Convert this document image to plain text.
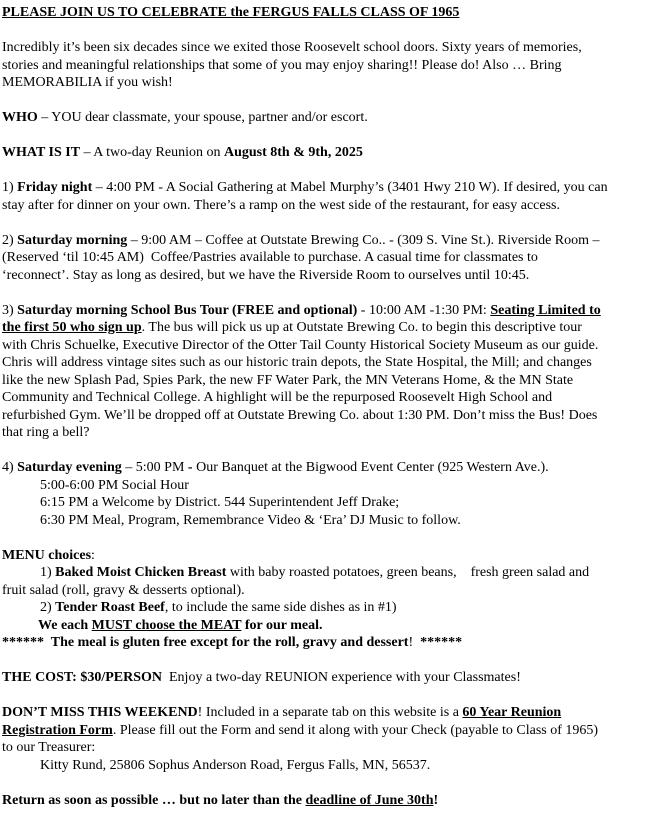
PLEASE JOIN US TO CELEBRATE the FERGUS FALLS CLASS OF 1965
Incredibly it’s been six decades since we exited those Roosevelt school doors. Sixty years of memories,
stories and meaningful relationships that some of you may enjoy sharing!! Please do! Also … Bring
MEMORABILIA if you wish!
WHO – YOU dear classmate, your spouse, partner and/or escort.
WHAT IS IT – A two-day Reunion on August 8th & 9th, 2025
1) Friday night – 4:00 PM - A Social Gathering at Mabel Murphy’s (3401 Hwy 210 W). If desired, you can
stay after for dinner on your own. There’s a ramp on the west side of the restaurant, for easy access.
2) Saturday morning – 9:00 AM – Coffee at Outstate Brewing Co.. - (309 S. Vine St.). Riverside Room –
(Reserved ‘til 10:45 AM)  Coffee/Pastries available to purchase. A casual time for classmates to
‘reconnect’. Stay as long as desired, but we have the Riverside Room to ourselves until 10:45.
3) Saturday morning School Bus Tour (FREE and optional) - 10:00 AM -1:30 PM: Seating Limited to
the first 50 who sign up. The bus will pick us up at Outstate Brewing Co. to begin this descriptive tour
with Chris Schuelke, Executive Director of the Otter Tail County Historical Society Museum as our guide.
Chris will address vintage sites such as our historic train depots, the State Hospital, the Mill; and changes
like the new Splash Pad, Spies Park, the new FF Water Park, the MN Veterans Home, & the MN State
Community and Technical College. A highlight will be the repurposed Roosevelt High School and
refurbished Gym. We’ll be dropped off at Outstate Brewing Co. about 1:30 PM. Don’t miss the Bus! Does
that ring a bell?
4) Saturday evening – 5:00 PM - Our Banquet at the Bigwood Event Center (925 Western Ave.).
5:00-6:00 PM Social Hour
6:15 PM a Welcome by District. 544 Superintendent Jeff Drake;
6:30 PM Meal, Program, Remembrance Video & ‘Era’ DJ Music to follow.
MENU choices:
1) Baked Moist Chicken Breast with baby roasted potatoes, green beans,    fresh green salad and
fruit salad (roll, gravy & desserts optional).
2) Tender Roast Beef, to include the same side dishes as in #1)
We each MUST choose the MEAT for our meal.
******  The meal is gluten free except for the roll, gravy and dessert!  ******
THE COST: $30/PERSON  Enjoy a two-day REUNION experience with your Classmates!
DON’T MISS THIS WEEKEND! Included in a separate tab on this website is a 60 Year Reunion
Registration Form. Please fill out the Form and send it along with your Check (payable to Class of 1965)
to our Treasurer:
Kitty Rund, 25806 Sophus Anderson Road, Fergus Falls, MN, 56537.
Return as soon as possible … but no later than the deadline of June 30th!
